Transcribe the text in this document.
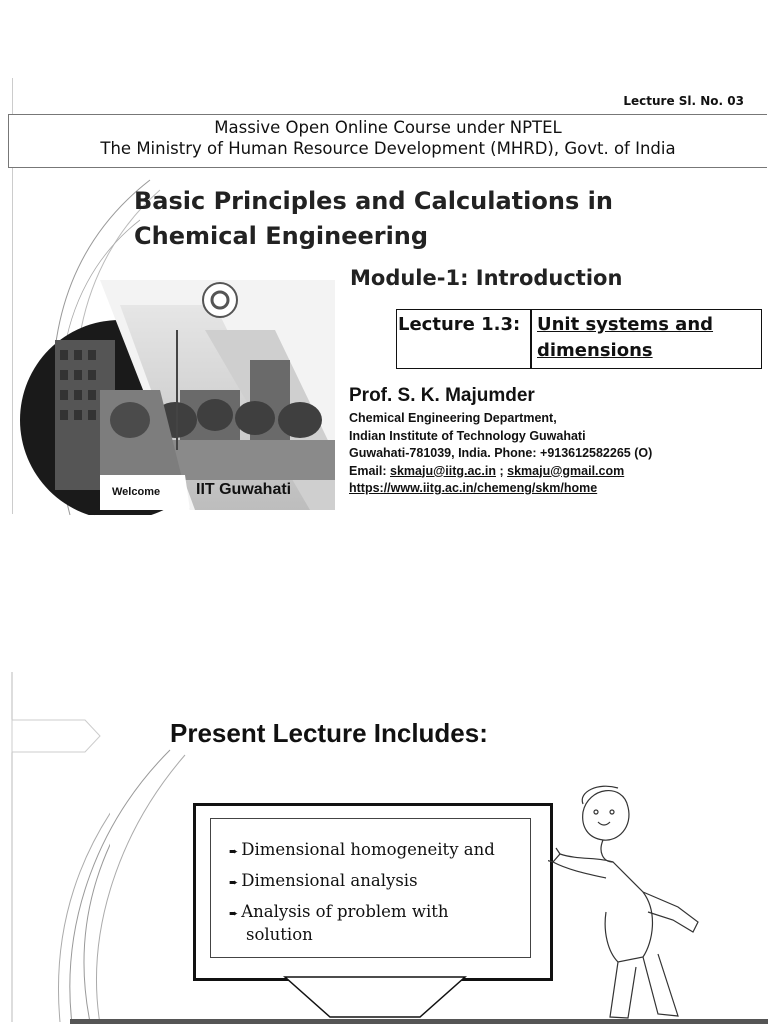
Lecture Sl. No. 03
Massive Open Online Course under NPTEL
The Ministry of Human Resource Development (MHRD), Govt. of India
Basic Principles and Calculations in
Chemical Engineering
Module-1: Introduction
Lecture 1.3: Unit systems and
dimensions
Welcome IIT Guwahati
Prof. S. K. Majumder
Chemical Engineering Department,
Indian Institute of Technology Guwahati
Guwahati-781039, India. Phone: +913612582265 (O)
Email: skmaju@iitg.ac.in ; skmaju@gmail.com
https://www.iitg.ac.in/chemeng/skm/home
Present Lecture Includes:
➨ Dimensional homogeneity and
➨ Dimensional analysis
➨ Analysis of problem with
solution
